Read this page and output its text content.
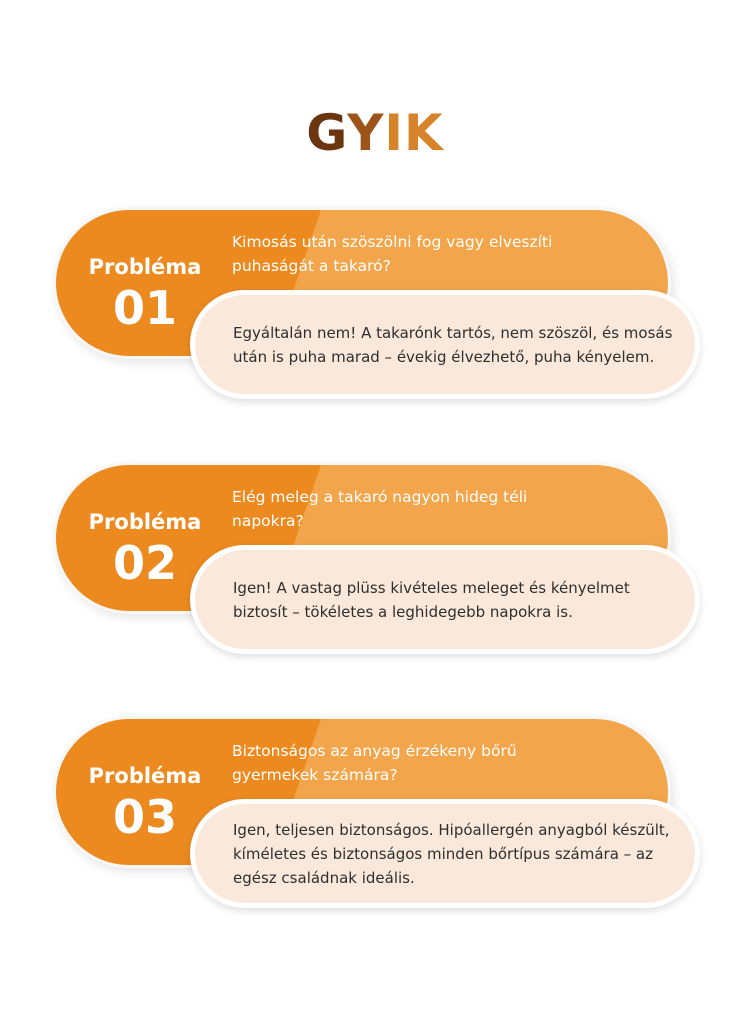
GYIK
Probléma
01
Kimosás után szöszölni fog vagy elveszíti puhaságát a takaró?
Egyáltalán nem! A takarónk tartós, nem szöszöl, és mosás után is puha marad – évekig élvezhető, puha kényelem.
Probléma
02
Elég meleg a takaró nagyon hideg téli napokra?
Igen! A vastag plüss kivételes meleget és kényelmet biztosít – tökéletes a leghidegebb napokra is.
Probléma
03
Biztonságos az anyag érzékeny bőrű gyermekek számára?
Igen, teljesen biztonságos. Hipóallergén anyagból készült, kíméletes és biztonságos minden bőrtípus számára – az egész családnak ideális.
